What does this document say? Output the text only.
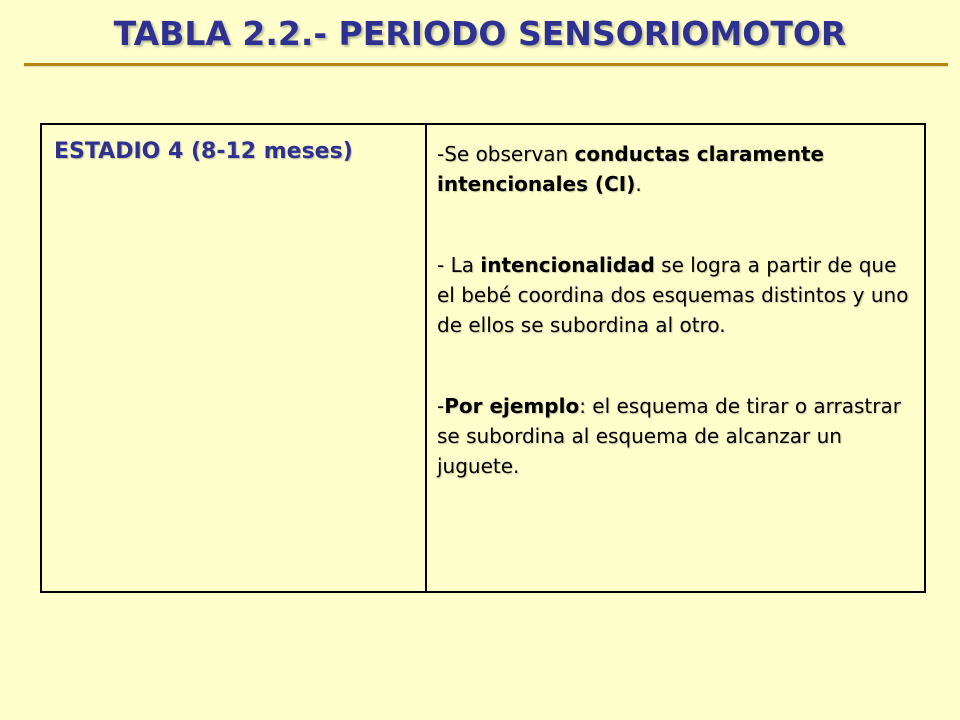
TABLA 2.2.- PERIODO SENSORIOMOTOR

ESTADIO 4 (8-12 meses)	-Se observan conductas claramente intencionales (CI).

- La intencionalidad se logra a partir de que el bebé coordina dos esquemas distintos y uno de ellos se subordina al otro.

-Por ejemplo: el esquema de tirar o arrastrar se subordina al esquema de alcanzar un juguete.
